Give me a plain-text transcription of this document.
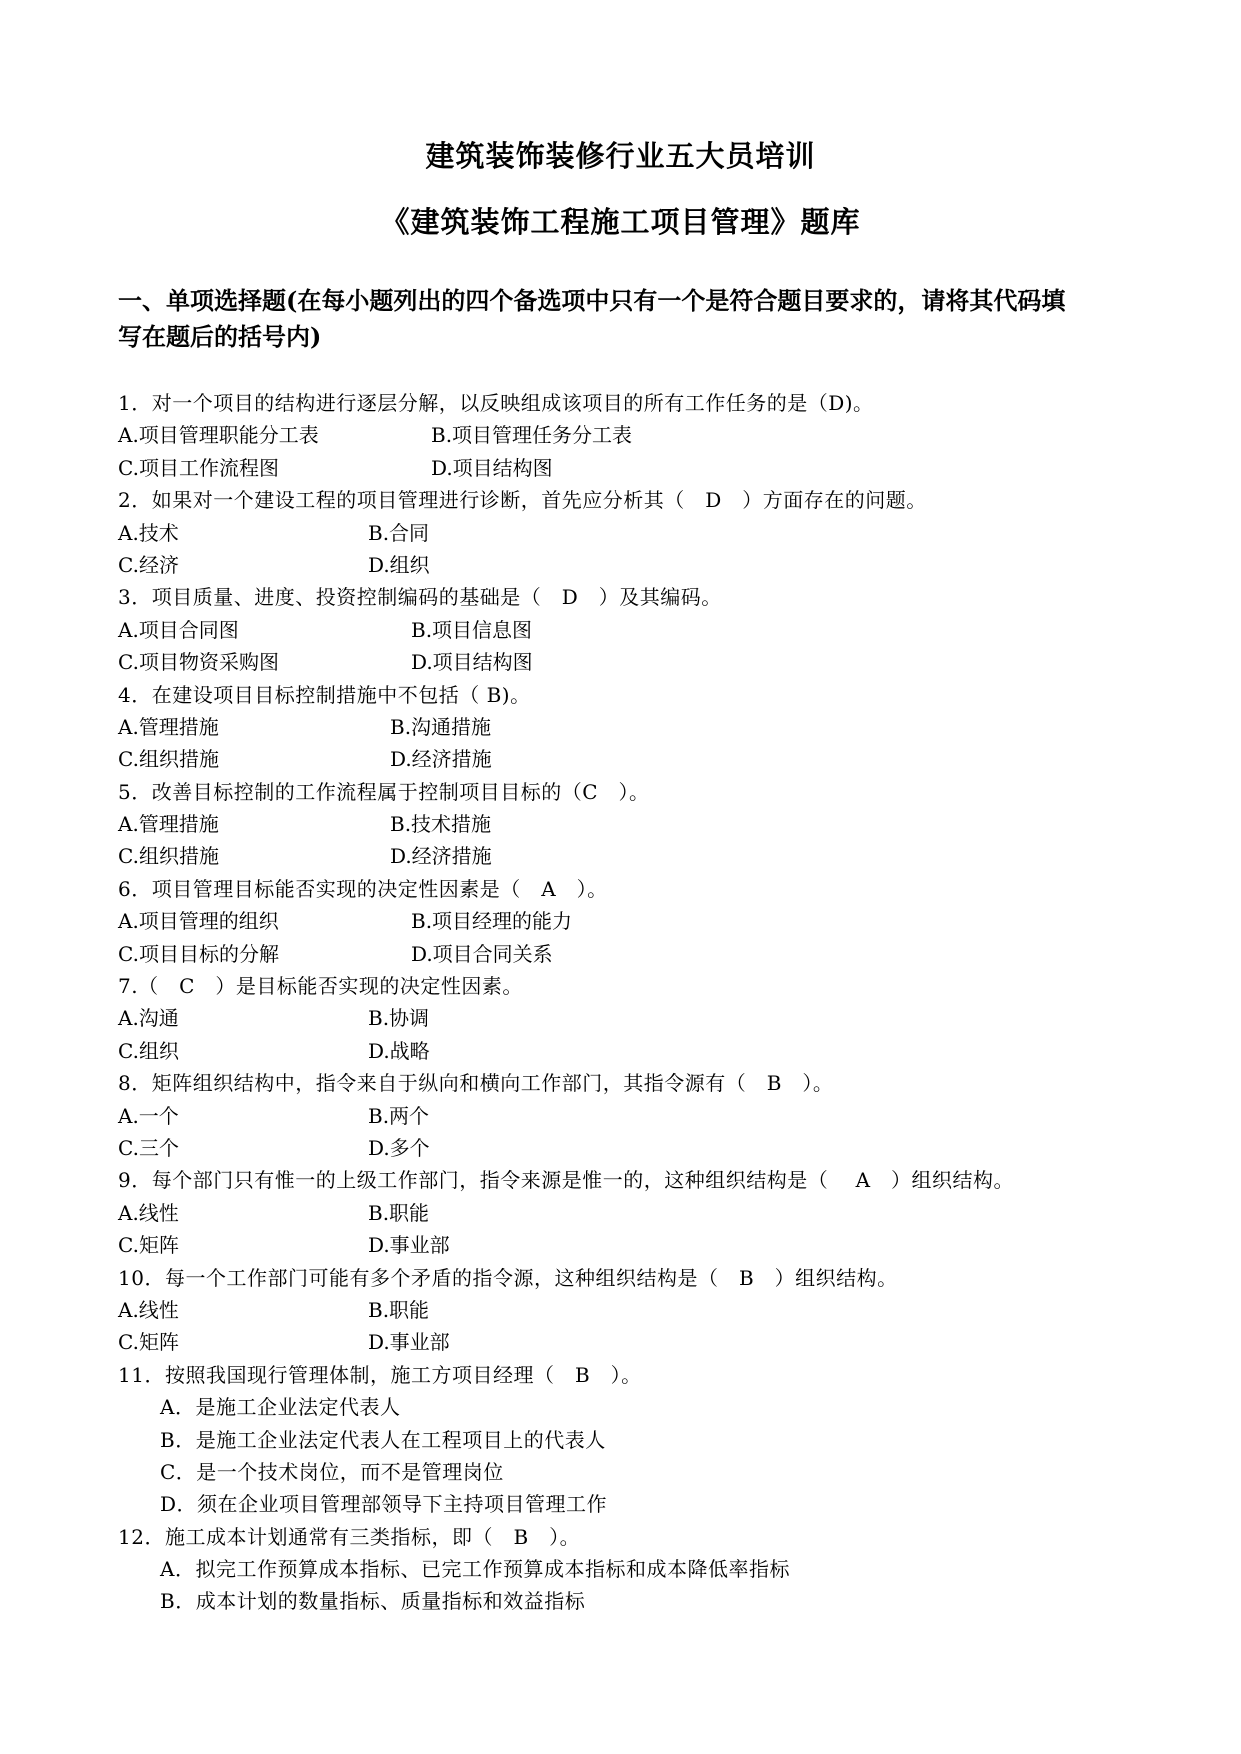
建筑装饰装修行业五大员培训
《建筑装饰工程施工项目管理》题库
一、单项选择题(在每小题列出的四个备选项中只有一个是符合题目要求的，请将其代码填
写在题后的括号内)
1．对一个项目的结构进行逐层分解，以反映组成该项目的所有工作任务的是（D)。
A.项目管理职能分工表	B.项目管理任务分工表
C.项目工作流程图	D.项目结构图
2．如果对一个建设工程的项目管理进行诊断，首先应分析其（　D　）方面存在的问题。
A.技术	B.合同
C.经济	D.组织
3．项目质量、进度、投资控制编码的基础是（　D　）及其编码。
A.项目合同图	B.项目信息图
C.项目物资采购图	D.项目结构图
4．在建设项目目标控制措施中不包括（ B)。
A.管理措施	B.沟通措施
C.组织措施	D.经济措施
5．改善目标控制的工作流程属于控制项目目标的（C　）。
A.管理措施	B.技术措施
C.组织措施	D.经济措施
6．项目管理目标能否实现的决定性因素是（　A　）。
A.项目管理的组织	B.项目经理的能力
C.项目目标的分解	D.项目合同关系
7.（　C　）是目标能否实现的决定性因素。
A.沟通	B.协调
C.组织	D.战略
8．矩阵组织结构中，指令来自于纵向和横向工作部门，其指令源有（　B　）。
A.一个	B.两个
C.三个	D.多个
9．每个部门只有惟一的上级工作部门，指令来源是惟一的，这种组织结构是（　 A　）组织结构。
A.线性	B.职能
C.矩阵	D.事业部
10．每一个工作部门可能有多个矛盾的指令源，这种组织结构是（　B　）组织结构。
A.线性	B.职能
C.矩阵	D.事业部
11．按照我国现行管理体制，施工方项目经理（　B　）。
A．是施工企业法定代表人
B．是施工企业法定代表人在工程项目上的代表人
C．是一个技术岗位，而不是管理岗位
D．须在企业项目管理部领导下主持项目管理工作
12．施工成本计划通常有三类指标，即（　B　）。
A．拟完工作预算成本指标、已完工作预算成本指标和成本降低率指标
B．成本计划的数量指标、质量指标和效益指标
